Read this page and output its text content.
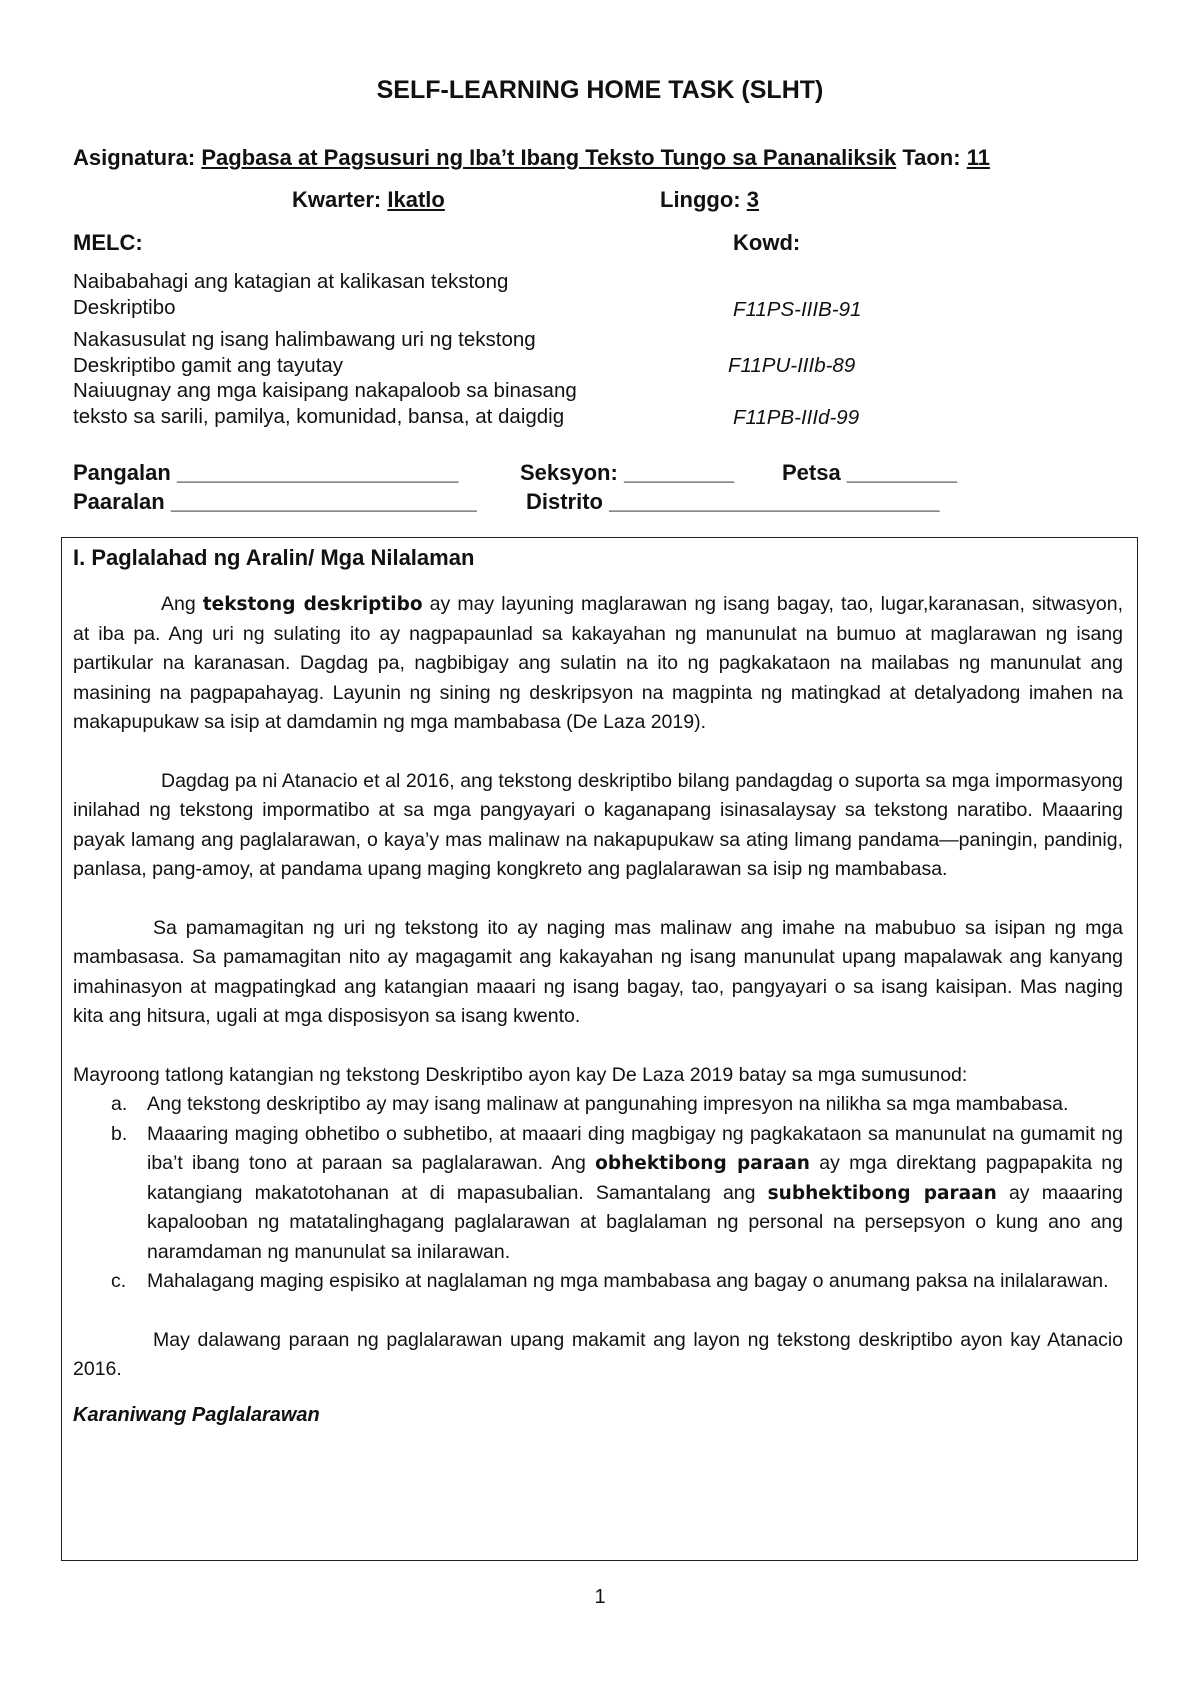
SELF-LEARNING HOME TASK (SLHT)
Asignatura: Pagbasa at Pagsusuri ng Iba’t Ibang Teksto Tungo sa Pananaliksik Taon: 11
Kwarter: Ikatlo	Linggo: 3
MELC:	Kowd:
Naibabahagi ang katagian at kalikasan tekstong
Deskriptibo	F11PS-IIIB-91
Nakasusulat ng isang halimbawang uri ng tekstong
Deskriptibo gamit ang tayutay	F11PU-IIIb-89
Naiuugnay ang mga kaisipang nakapaloob sa binasang
teksto sa sarili, pamilya, komunidad, bansa, at daigdig	F11PB-IIId-99
Pangalan _______________________	Seksyon: _________ Petsa _________
Paaralan _________________________ Distrito ___________________________
I. Paglalahad ng Aralin/ Mga Nilalaman

Ang tekstong deskriptibo ay may layuning maglarawan ng isang bagay, tao, lugar,karanasan, sitwasyon, at iba pa. Ang uri ng sulating ito ay nagpapaunlad sa kakayahan ng manunulat na bumuo at maglarawan ng isang partikular na karanasan. Dagdag pa, nagbibigay ang sulatin na ito ng pagkakataon na mailabas ng manunulat ang masining na pagpapahayag. Layunin ng sining ng deskripsyon na magpinta ng matingkad at detalyadong imahen na makapupukaw sa isip at damdamin ng mga mambabasa (De Laza 2019).

Dagdag pa ni Atanacio et al 2016, ang tekstong deskriptibo bilang pandagdag o suporta sa mga impormasyong inilahad ng tekstong impormatibo at sa mga pangyayari o kaganapang isinasalaysay sa tekstong naratibo. Maaaring payak lamang ang paglalarawan, o kaya’y mas malinaw na nakapupukaw sa ating limang pandama—paningin, pandinig, panlasa, pang-amoy, at pandama upang maging kongkreto ang paglalarawan sa isip ng mambabasa.

Sa pamamagitan ng uri ng tekstong ito ay naging mas malinaw ang imahe na mabubuo sa isipan ng mga mambasasa. Sa pamamagitan nito ay magagamit ang kakayahan ng isang manunulat upang mapalawak ang kanyang imahinasyon at magpatingkad ang katangian maaari ng isang bagay, tao, pangyayari o sa isang kaisipan. Mas naging kita ang hitsura, ugali at mga disposisyon sa isang kwento.

Mayroong tatlong katangian ng tekstong Deskriptibo ayon kay De Laza 2019 batay sa mga sumusunod:

a. Ang tekstong deskriptibo ay may isang malinaw at pangunahing impresyon na nilikha sa mga mambabasa.
b. Maaaring maging obhetibo o subhetibo, at maaari ding magbigay ng pagkakataon sa manunulat na gumamit ng iba’t ibang tono at paraan sa paglalarawan. Ang obhektibong paraan ay mga direktang pagpapakita ng katangiang makatotohanan at di mapasubalian. Samantalang ang subhektibong paraan ay maaaring kapalooban ng matatalinghagang paglalarawan at baglalaman ng personal na persepsyon o kung ano ang naramdaman ng manunulat sa inilarawan.
c. Mahalagang maging espisiko at naglalaman ng mga mambabasa ang bagay o anumang paksa na inilalarawan.

May dalawang paraan ng paglalarawan upang makamit ang layon ng tekstong deskriptibo ayon kay Atanacio 2016.

Karaniwang Paglalarawan
1
